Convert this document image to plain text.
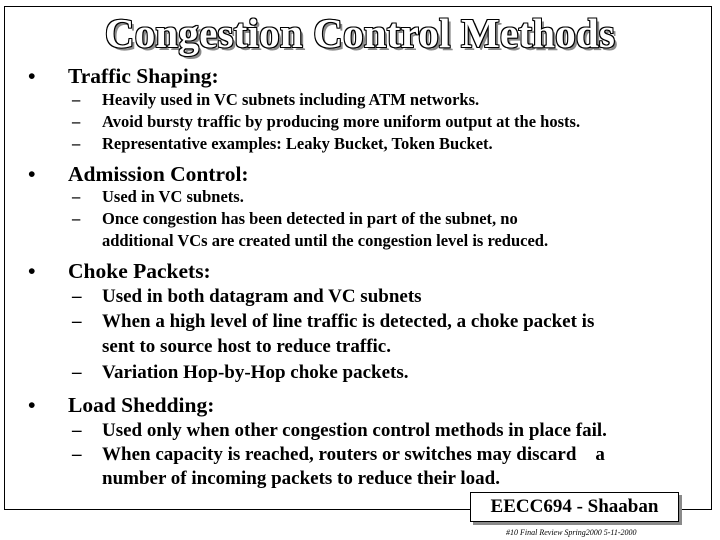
Congestion Control Methods
• Traffic Shaping:
– Heavily used in VC subnets including ATM networks.
– Avoid bursty traffic by producing more uniform output at the hosts.
– Representative examples: Leaky Bucket, Token Bucket.
• Admission Control:
– Used in VC subnets.
– Once congestion has been detected in part of the subnet, no
additional VCs are created until the congestion level is reduced.
• Choke Packets:
– Used in both datagram and VC subnets
– When a high level of line traffic is detected, a choke packet is
sent to source host to reduce traffic.
– Variation Hop-by-Hop choke packets.
• Load Shedding:
– Used only when other congestion control methods in place fail.
– When capacity is reached, routers or switches may discard    a
number of incoming packets to reduce their load.
EECC694 - Shaaban
#10 Final Review Spring2000 5-11-2000
